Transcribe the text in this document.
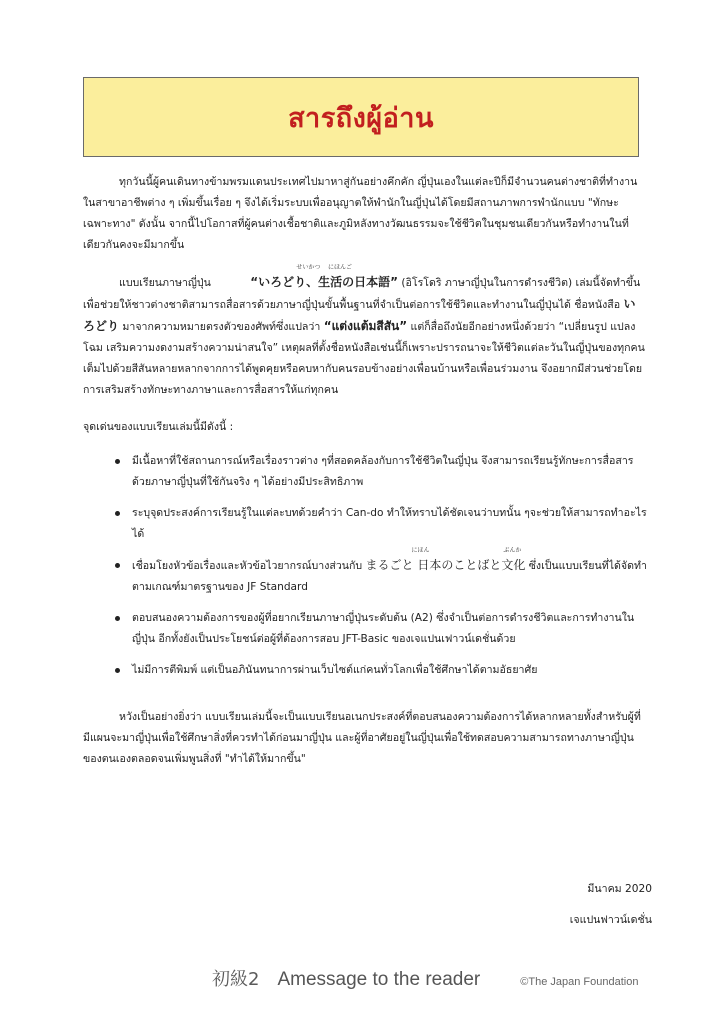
สารถึงผู้อ่าน

ทุกวันนี้ผู้คนเดินทางข้ามพรมแดนประเทศไปมาหาสู่กันอย่างคึกคัก ญี่ปุ่นเองในแต่ละปีก็มีจำนวนคนต่างชาติที่ทำงานในสาขาอาชีพต่าง ๆ เพิ่มขึ้นเรื่อย ๆ จึงได้เริ่มระบบเพื่ออนุญาตให้พำนักในญี่ปุ่นได้โดยมีสถานภาพการพำนักแบบ "ทักษะเฉพาะทาง" ดังนั้น จากนี้ไปโอกาสที่ผู้คนต่างเชื้อชาติและภูมิหลังทางวัฒนธรรมจะใช้ชีวิตในชุมชนเดียวกันหรือทำงานในที่เดียวกันคงจะมีมากขึ้น

แบบเรียนภาษาญี่ปุ่น
せいかつ にほんご
“いろどり、生活の日本語” (อิโรโดริ ภาษาญี่ปุ่นในการดำรงชีวิต) เล่มนี้จัดทำขึ้นเพื่อช่วยให้ชาวต่างชาติสามารถสื่อสารด้วยภาษาญี่ปุ่นขั้นพื้นฐานที่จำเป็นต่อการใช้ชีวิตและทำงานในญี่ปุ่นได้ ชื่อหนังสือ いろどり มาจากความหมายตรงตัวของศัพท์ซึ่งแปลว่า “แต่งแต้มสีสัน” แต่ก็สื่อถึงนัยอีกอย่างหนึ่งด้วยว่า “เปลี่ยนรูป แปลงโฉม เสริมความงดงามสร้างความน่าสนใจ” เหตุผลที่ตั้งชื่อหนังสือเช่นนี้ก็เพราะปรารถนาจะให้ชีวิตแต่ละวันในญี่ปุ่นของทุกคนเต็มไปด้วยสีสันหลายหลากจากการได้พูดคุยหรือคบหากับคนรอบข้างอย่างเพื่อนบ้านหรือเพื่อนร่วมงาน จึงอยากมีส่วนช่วยโดยการเสริมสร้างทักษะทางภาษาและการสื่อสารให้แก่ทุกคน

จุดเด่นของแบบเรียนเล่มนี้มีดังนี้ :

มีเนื้อหาที่ใช้สถานการณ์หรือเรื่องราวต่าง ๆที่สอดคล้องกับการใช้ชีวิตในญี่ปุ่น จึงสามารถเรียนรู้ทักษะการสื่อสารด้วยภาษาญี่ปุ่นที่ใช้กันจริง ๆ ได้อย่างมีประสิทธิภาพ
ระบุจุดประสงค์การเรียนรู้ในแต่ละบทด้วยคำว่า Can-do ทำให้ทราบได้ชัดเจนว่าบทนั้น ๆจะช่วยให้สามารถทำอะไรได้
เชื่อมโยงหัวข้อเรื่องและหัวข้อไวยากรณ์บางส่วนกับ
にほん	ぶんか
まるごと 日本のことばと文化 ซึ่งเป็นแบบเรียนที่ได้จัดทำตามเกณฑ์มาตรฐานของ JF Standard
ตอบสนองความต้องการของผู้ที่อยากเรียนภาษาญี่ปุ่นระดับต้น (A2) ซึ่งจำเป็นต่อการดำรงชีวิตและการทำงานในญี่ปุ่น อีกทั้งยังเป็นประโยชน์ต่อผู้ที่ต้องการสอบ JFT-Basic ของเจแปนเฟาวน์เดชั่นด้วย
ไม่มีการตีพิมพ์ แต่เป็นอภินันทนาการผ่านเว็บไซต์แก่คนทั่วโลกเพื่อใช้ศึกษาได้ตามอัธยาศัย

หวังเป็นอย่างยิ่งว่า แบบเรียนเล่มนี้จะเป็นแบบเรียนอเนกประสงค์ที่ตอบสนองความต้องการได้หลากหลายทั้งสำหรับผู้ที่มีแผนจะมาญี่ปุ่นเพื่อใช้ศึกษาสิ่งที่ควรทำได้ก่อนมาญี่ปุ่น และผู้ที่อาศัยอยู่ในญี่ปุ่นเพื่อใช้ทดสอบความสามารถทางภาษาญี่ปุ่นของตนเองตลอดจนเพิ่มพูนสิ่งที่ "ทำได้ให้มากขึ้น"

มีนาคม 2020
เจแปนฟาวน์เดชั่น
初級2 Amessage to the reader	©The Japan Foundation
